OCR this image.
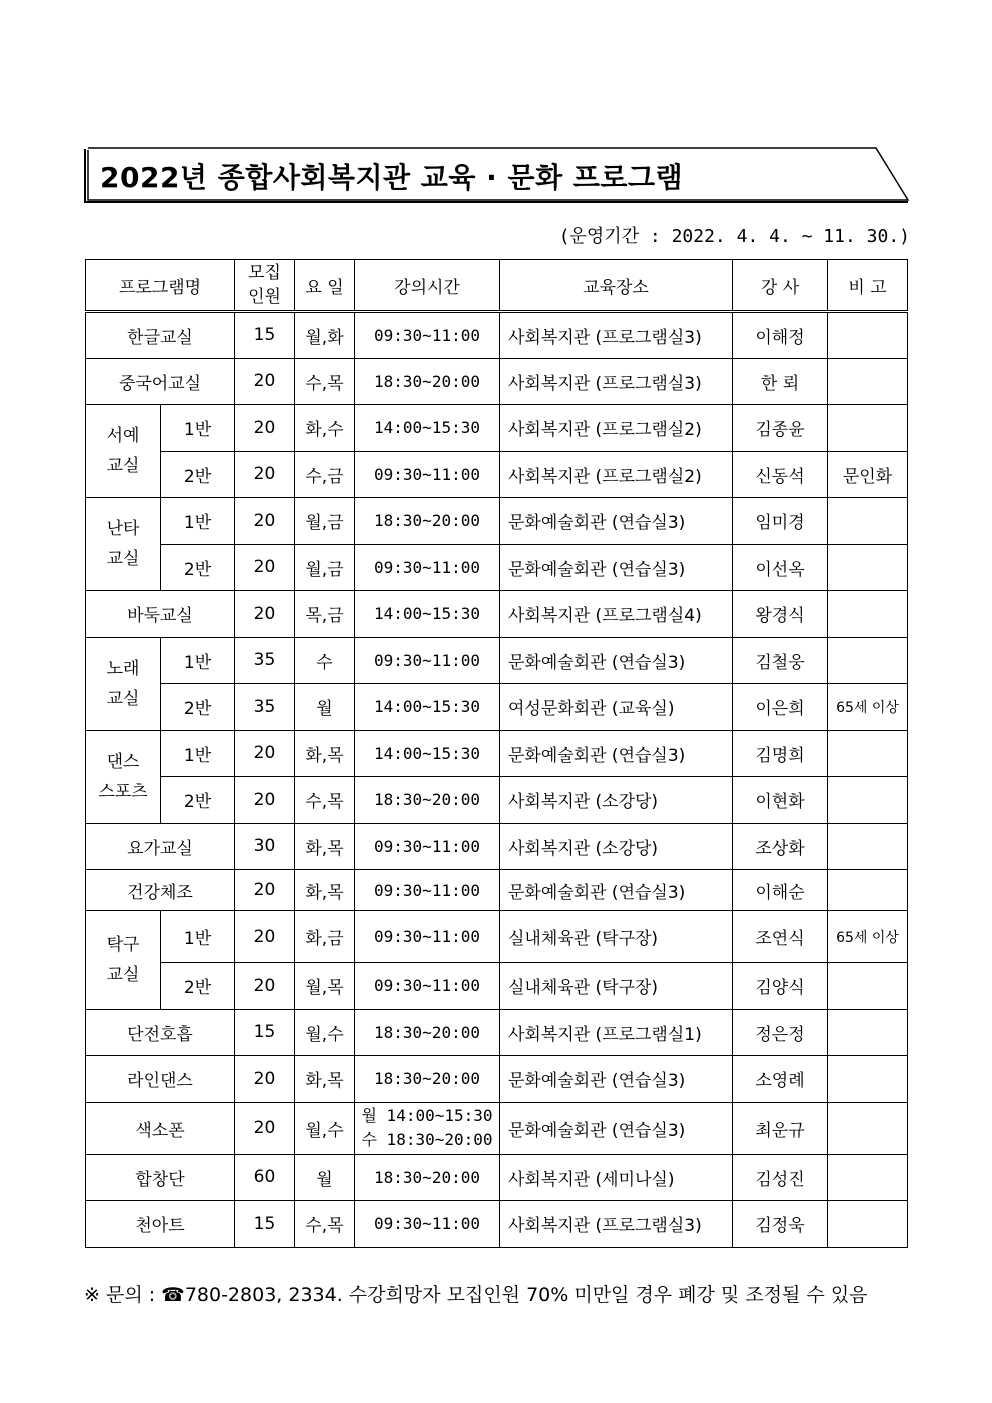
2022년 종합사회복지관 교육 · 문화 프로그램
(운영기간 : 2022. 4. 4. ~ 11. 30.)
프로그램명		모집
인원	요 일	강의시간	교육장소	강 사	비 고
한글교실		15	월,화	09:30~11:00	사회복지관 (프로그램실3)	이해정	
중국어교실		20	수,목	18:30~20:00	사회복지관 (프로그램실3)	한 뢰	

서예
교실	1반	20	화,수	14:00~15:30	사회복지관 (프로그램실2)	김종윤	
	2반	20	수,금	09:30~11:00	사회복지관 (프로그램실2)	신동석	문인화

난타
교실	1반	20	월,금	18:30~20:00	문화예술회관 (연습실3)	임미경	
	2반	20	월,금	09:30~11:00	문화예술회관 (연습실3)	이선옥	
바둑교실		20	목,금	14:00~15:30	사회복지관 (프로그램실4)	왕경식	

노래
교실	1반	35	수	09:30~11:00	문화예술회관 (연습실3)	김철웅	
	2반	35	월	14:00~15:30	여성문화회관 (교육실)	이은희	65세 이상

댄스
스포츠	1반	20	화,목	14:00~15:30	문화예술회관 (연습실3)	김명희	
	2반	20	수,목	18:30~20:00	사회복지관 (소강당)	이현화	
요가교실		30	화,목	09:30~11:00	사회복지관 (소강당)	조상화	
건강체조		20	화,목	09:30~11:00	문화예술회관 (연습실3)	이해순	

탁구
교실	1반	20	화,금	09:30~11:00	실내체육관 (탁구장)	조연식	65세 이상
	2반	20	월,목	09:30~11:00	실내체육관 (탁구장)	김양식	
단전호흡		15	월,수	18:30~20:00	사회복지관 (프로그램실1)	정은정	
라인댄스		20	화,목	18:30~20:00	문화예술회관 (연습실3)	소영례	
색소폰		20	월,수	월 14:00~15:30
수 18:30~20:00	문화예술회관 (연습실3)	최운규	
합창단		60	월	18:30~20:00	사회복지관 (세미나실)	김성진	
천아트		15	수,목	09:30~11:00	사회복지관 (프로그램실3)	김정욱	
※ 문의 : ☎780-2803, 2334. 수강희망자 모집인원 70% 미만일 경우 폐강 및 조정될 수 있음
